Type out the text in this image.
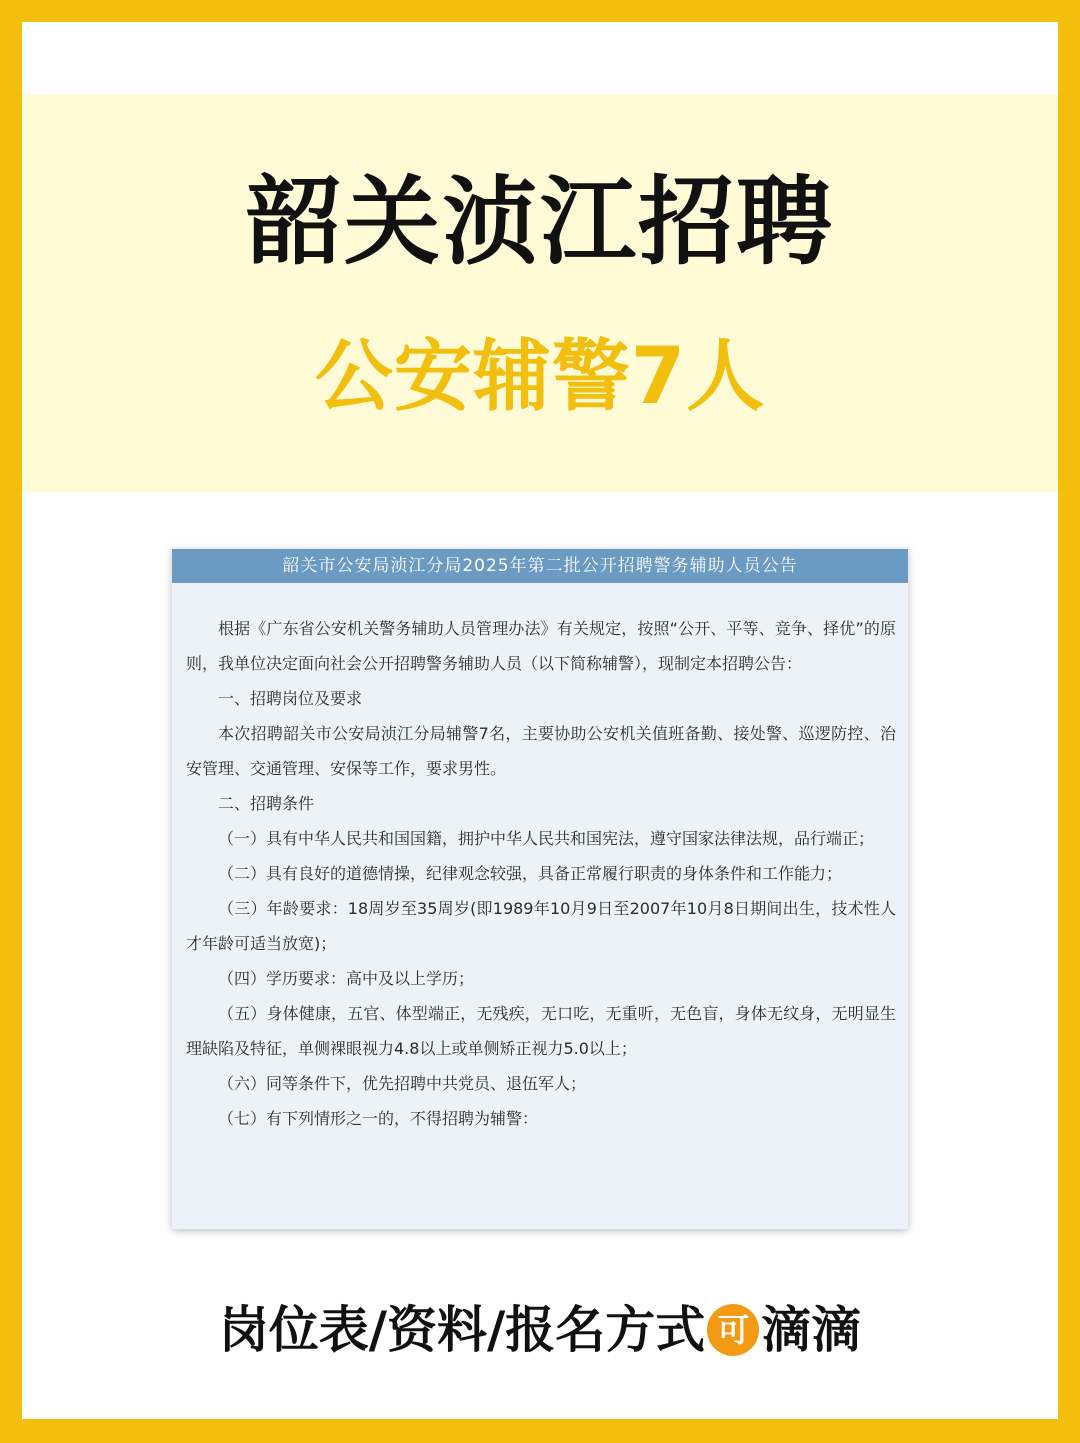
韶关浈江招聘
公安辅警7人
韶关市公安局浈江分局2025年第二批公开招聘警务辅助人员公告

根据《广东省公安机关警务辅助人员管理办法》有关规定，按照“公开、平等、竞争、择优”的原则，我单位决定面向社会公开招聘警务辅助人员（以下简称辅警），现制定本招聘公告：

一、招聘岗位及要求

本次招聘韶关市公安局浈江分局辅警7名，主要协助公安机关值班备勤、接处警、巡逻防控、治安管理、交通管理、安保等工作，要求男性。

二、招聘条件

（一）具有中华人民共和国国籍，拥护中华人民共和国宪法，遵守国家法律法规，品行端正；

（二）具有良好的道德情操，纪律观念较强，具备正常履行职责的身体条件和工作能力；

（三）年龄要求：18周岁至35周岁(即1989年10月9日至2007年10月8日期间出生，技术性人才年龄可适当放宽)；

（四）学历要求：高中及以上学历；

（五）身体健康，五官、体型端正，无残疾，无口吃，无重听，无色盲，身体无纹身，无明显生理缺陷及特征，单侧裸眼视力4.8以上或单侧矫正视力5.0以上；

（六）同等条件下，优先招聘中共党员、退伍军人；

（七）有下列情形之一的，不得招聘为辅警：

岗位表/资料/报名方式 可 滴滴
